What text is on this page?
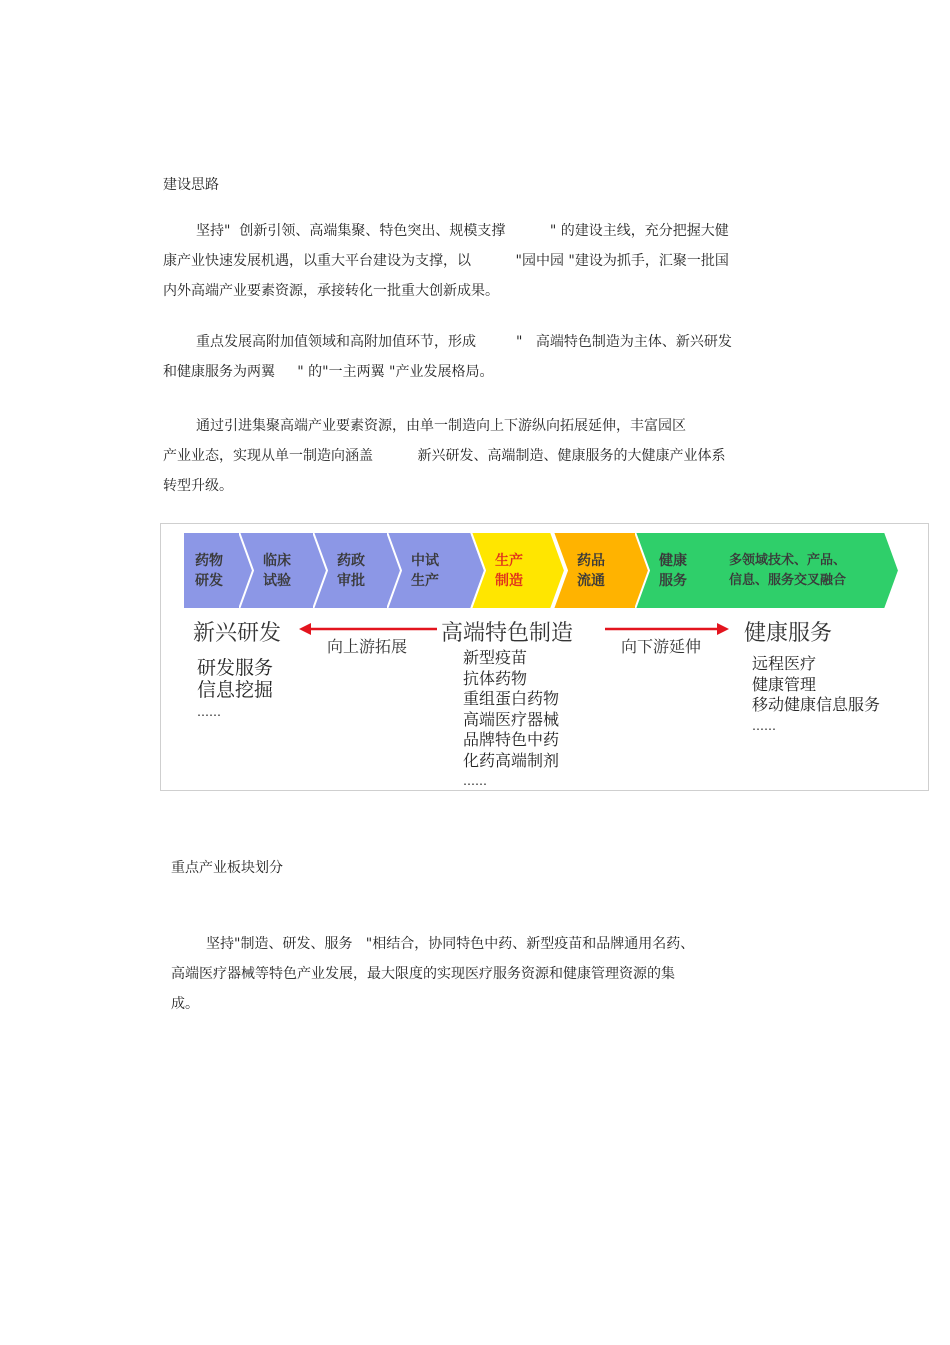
建设思路
坚持"  创新引领、高端集聚、特色突出、规模支撑          " 的建设主线，充分把握大健
康产业快速发展机遇，以重大平台建设为支撑，以          "园中园 "建设为抓手，汇聚一批国
内外高端产业要素资源，承接转化一批重大创新成果。
重点发展高附加值领域和高附加值环节，形成         "   高端特色制造为主体、新兴研发
和健康服务为两翼     " 的"一主两翼 "产业发展格局。
通过引进集聚高端产业要素资源，由单一制造向上下游纵向拓展延伸，丰富园区
产业业态，实现从单一制造向涵盖          新兴研发、高端制造、健康服务的大健康产业体系
转型升级。
药物
研发
临床
试验
药政
审批
中试
生产
生产
制造
药品
流通
健康
服务
多领域技术、产品、
信息、服务交叉融合
新兴研发
向上游拓展
高端特色制造
向下游延伸
健康服务
研发服务
信息挖掘
……
新型疫苗
抗体药物
重组蛋白药物
高端医疗器械
品牌特色中药
化药高端制剂
……
远程医疗
健康管理
移动健康信息服务
……
重点产业板块划分
坚持"制造、研发、服务   "相结合，协同特色中药、新型疫苗和品牌通用名药、
高端医疗器械等特色产业发展，最大限度的实现医疗服务资源和健康管理资源的集
成。
